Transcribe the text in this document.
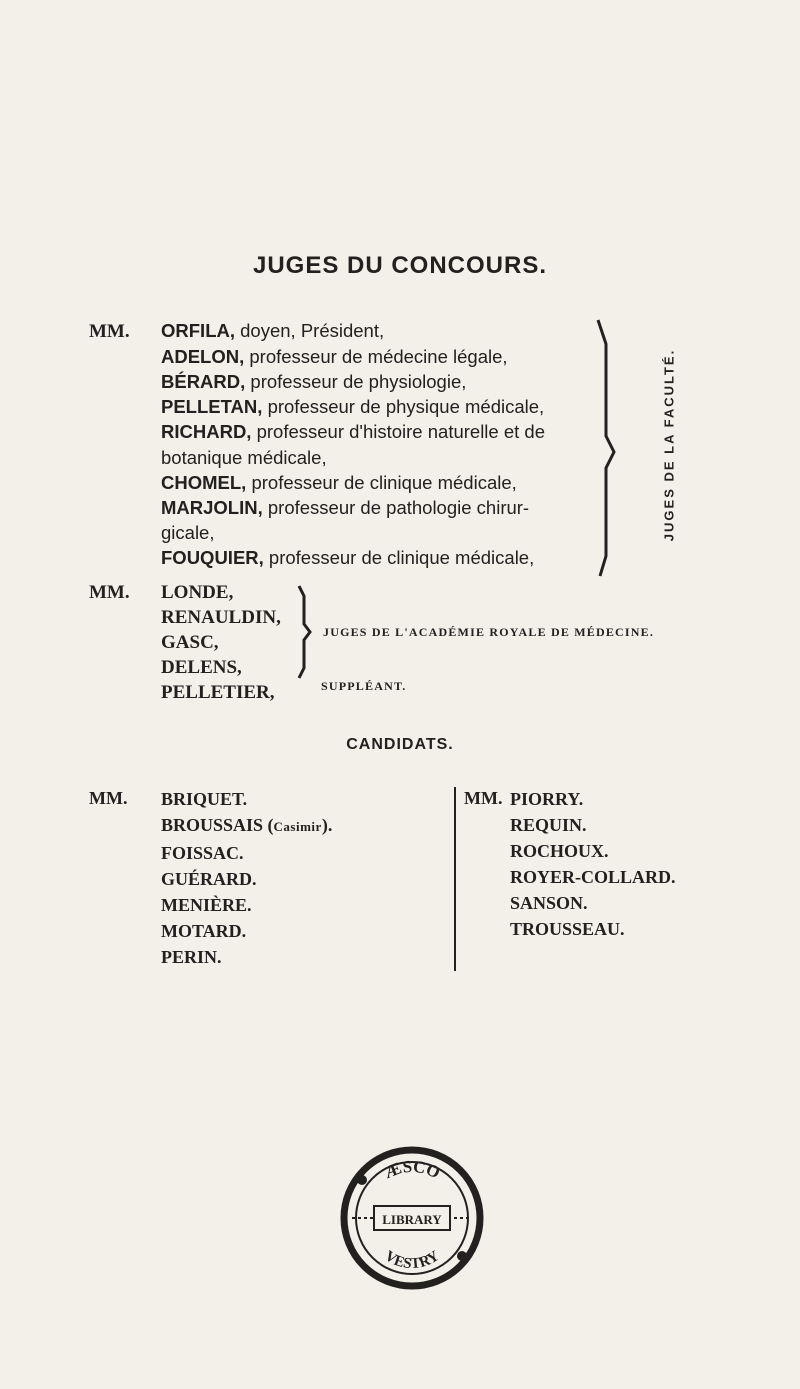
JUGES DU CONCOURS.
MM. ORFILA, doyen, Président,
ADELON, professeur de médecine légale,
BÉRARD, professeur de physiologie,
PELLETAN, professeur de physique médicale,
RICHARD, professeur d'histoire naturelle et de
botanique médicale,
CHOMEL, professeur de clinique médicale,
MARJOLIN, professeur de pathologie chirur-
gicale,
FOUQUIER, professeur de clinique médicale,
JUGES DE LA FACULTÉ.
MM. LONDE,
RENAULDIN,
GASC,
DELENS,
PELLETIER,
JUGES DE L'ACADÉMIE ROYALE DE MÉDECINE.
SUPPLÉANT.
CANDIDATS.
MM. BRIQUET.
BROUSSAIS (Casimir).
FOISSAC.
GUÉRARD.
MENIÈRE.
MOTARD.
PERIN.
MM. PIORRY.
REQUIN.
ROCHOUX.
ROYER-COLLARD.
SANSON.
TROUSSEAU.
ÆSCO
LIBRARY
VESTRY
